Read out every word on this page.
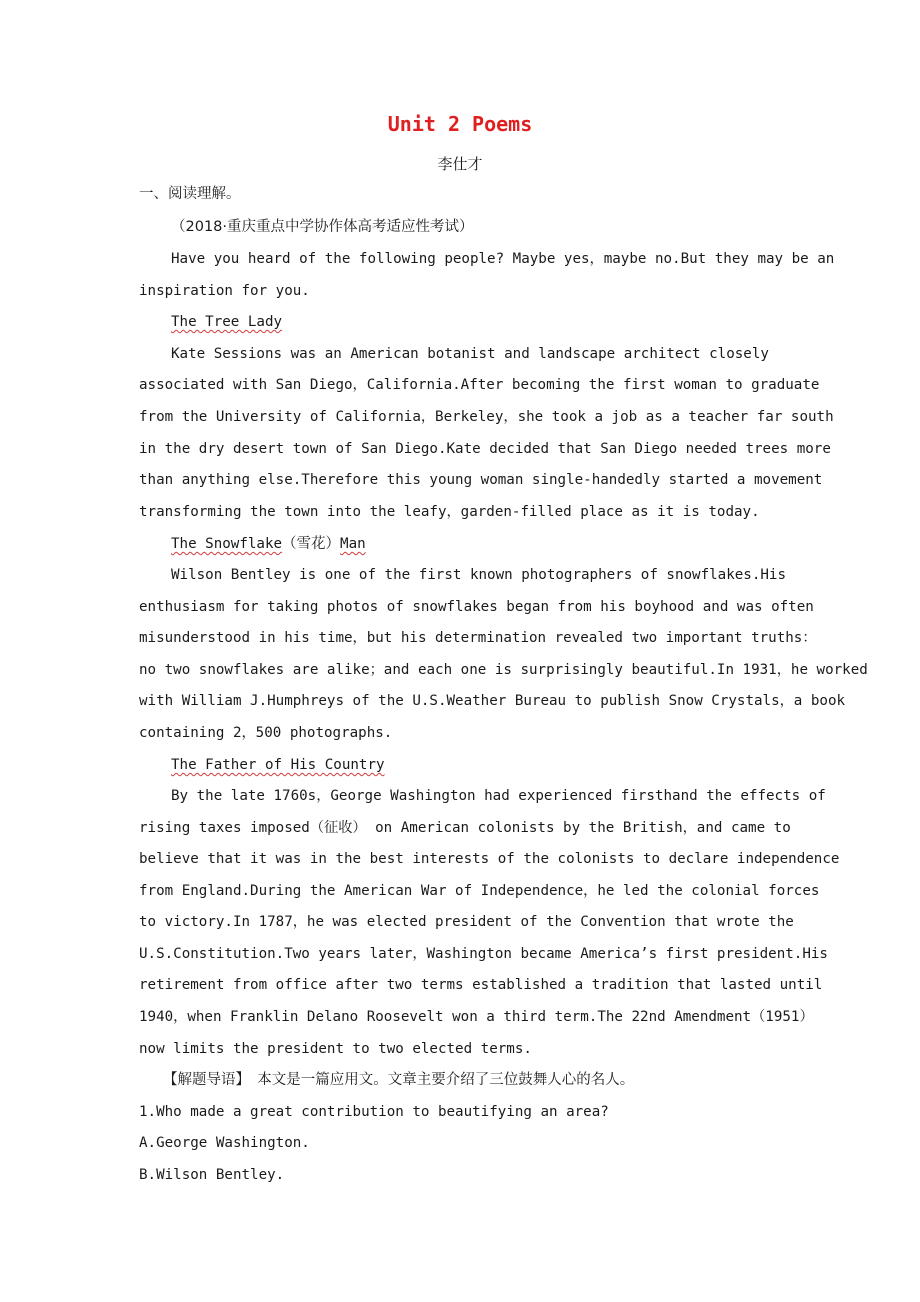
Unit 2 Poems
李仕才
一、阅读理解。
（2018·重庆重点中学协作体高考适应性考试）
Have you heard of the following people? Maybe yes，maybe no.But they may be an
inspiration for you.
The Tree Lady
Kate Sessions was an American botanist and landscape architect closely
associated with San Diego，California.After becoming the first woman to graduate
from the University of California，Berkeley，she took a job as a teacher far south
in the dry desert town of San Diego.Kate decided that San Diego needed trees more
than anything else.Therefore this young woman single-handedly started a movement
transforming the town into the leafy，garden-filled place as it is today.
The Snowflake（雪花）Man
Wilson Bentley is one of the first known photographers of snowflakes.His
enthusiasm for taking photos of snowflakes began from his boyhood and was often
misunderstood in his time，but his determination revealed two important truths：
no two snowflakes are alike；and each one is surprisingly beautiful.In 1931，he worked
with William J.Humphreys of the U.S.Weather Bureau to publish Snow Crystals，a book
containing 2，500 photographs.
The Father of His Country
By the late 1760s，George Washington had experienced firsthand the effects of
rising taxes imposed（征收） on American colonists by the British，and came to
believe that it was in the best interests of the colonists to declare independence
from England.During the American War of Independence，he led the colonial forces
to victory.In 1787，he was elected president of the Convention that wrote the
U.S.Constitution.Two years later，Washington became America’s first president.His
retirement from office after two terms established a tradition that lasted until
1940，when Franklin Delano Roosevelt won a third term.The 22nd Amendment（1951）
now limits the president to two elected terms.
【解题导语】　本文是一篇应用文。文章主要介绍了三位鼓舞人心的名人。
1.Who made a great contribution to beautifying an area?
A.George Washington.
B.Wilson Bentley.
